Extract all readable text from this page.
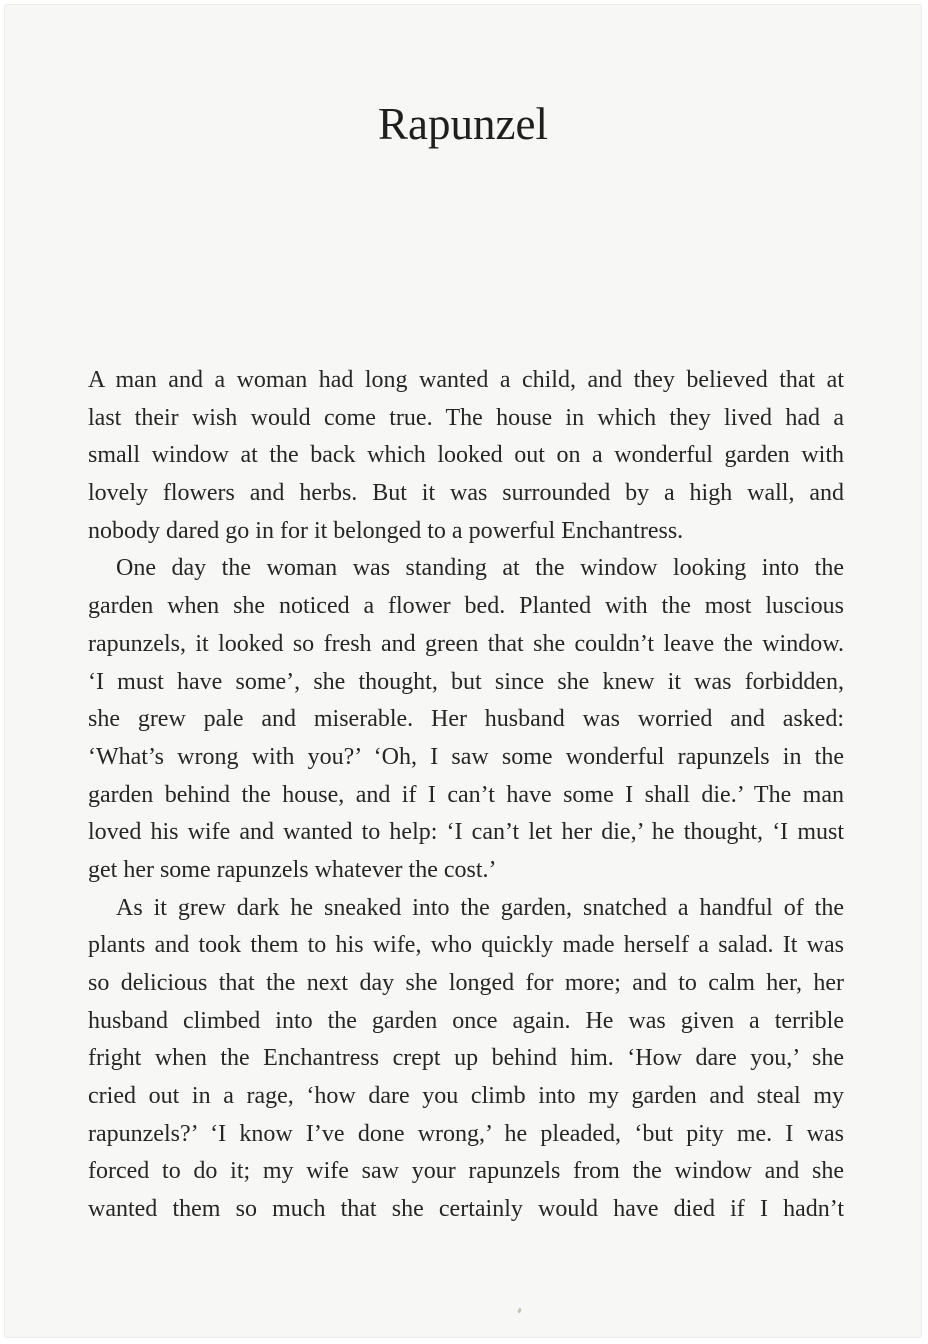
Rapunzel
A man and a woman had long wanted a child, and they believed that at
last their wish would come true. The house in which they lived had a
small window at the back which looked out on a wonderful garden with
lovely flowers and herbs. But it was surrounded by a high wall, and
nobody dared go in for it belonged to a powerful Enchantress.
One day the woman was standing at the window looking into the
garden when she noticed a flower bed. Planted with the most luscious
rapunzels, it looked so fresh and green that she couldn’t leave the window.
‘I must have some’, she thought, but since she knew it was forbidden,
she grew pale and miserable. Her husband was worried and asked:
‘What’s wrong with you?’ ‘Oh, I saw some wonderful rapunzels in the
garden behind the house, and if I can’t have some I shall die.’ The man
loved his wife and wanted to help: ‘I can’t let her die,’ he thought, ‘I must
get her some rapunzels whatever the cost.’
As it grew dark he sneaked into the garden, snatched a handful of the
plants and took them to his wife, who quickly made herself a salad. It was
so delicious that the next day she longed for more; and to calm her, her
husband climbed into the garden once again. He was given a terrible
fright when the Enchantress crept up behind him. ‘How dare you,’ she
cried out in a rage, ‘how dare you climb into my garden and steal my
rapunzels?’ ‘I know I’ve done wrong,’ he pleaded, ‘but pity me. I was
forced to do it; my wife saw your rapunzels from the window and she
wanted them so much that she certainly would have died if I hadn’t
